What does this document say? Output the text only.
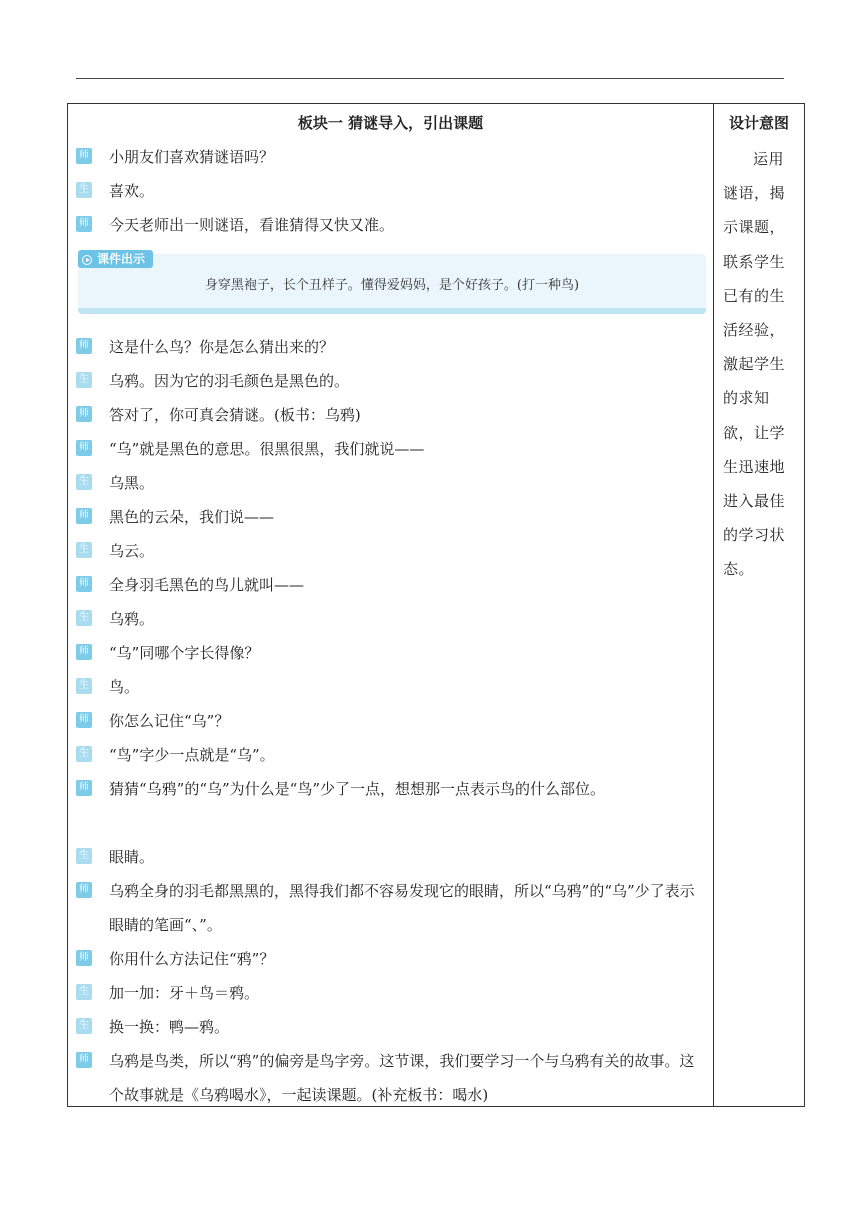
板块一 猜谜导入，引出课题
师 小朋友们喜欢猜谜语吗？
生 喜欢。
师 今天老师出一则谜语，看谁猜得又快又准。
课件出示
身穿黑袍子，长个丑样子。懂得爱妈妈，是个好孩子。(打一种鸟)
师 这是什么鸟？你是怎么猜出来的？
生 乌鸦。因为它的羽毛颜色是黑色的。
师 答对了，你可真会猜谜。(板书：乌鸦)
师 “乌”就是黑色的意思。很黑很黑，我们就说——
生 乌黑。
师 黑色的云朵，我们说——
生 乌云。
师 全身羽毛黑色的鸟儿就叫——
生 乌鸦。
师 “乌”同哪个字长得像？
生 鸟。
师 你怎么记住“乌”？
生 “鸟”字少一点就是“乌”。
师 猜猜“乌鸦”的“乌”为什么是“鸟”少了一点，想想那一点表示鸟的什么部位。
生 眼睛。
师 乌鸦全身的羽毛都黑黑的，黑得我们都不容易发现它的眼睛，所以“乌鸦”的“乌”少了表示眼睛的笔画“、”。
师 你用什么方法记住“鸦”？
生 加一加：牙＋鸟＝鸦。
生 换一换：鸭—鸦。
师 乌鸦是鸟类，所以“鸦”的偏旁是鸟字旁。这节课，我们要学习一个与乌鸦有关的故事。这个故事就是《乌鸦喝水》，一起读课题。(补充板书：喝水)
设计意图
运用谜语，揭示课题，联系学生已有的生活经验，激起学生的求知欲，让学生迅速地进入最佳的学习状态。
